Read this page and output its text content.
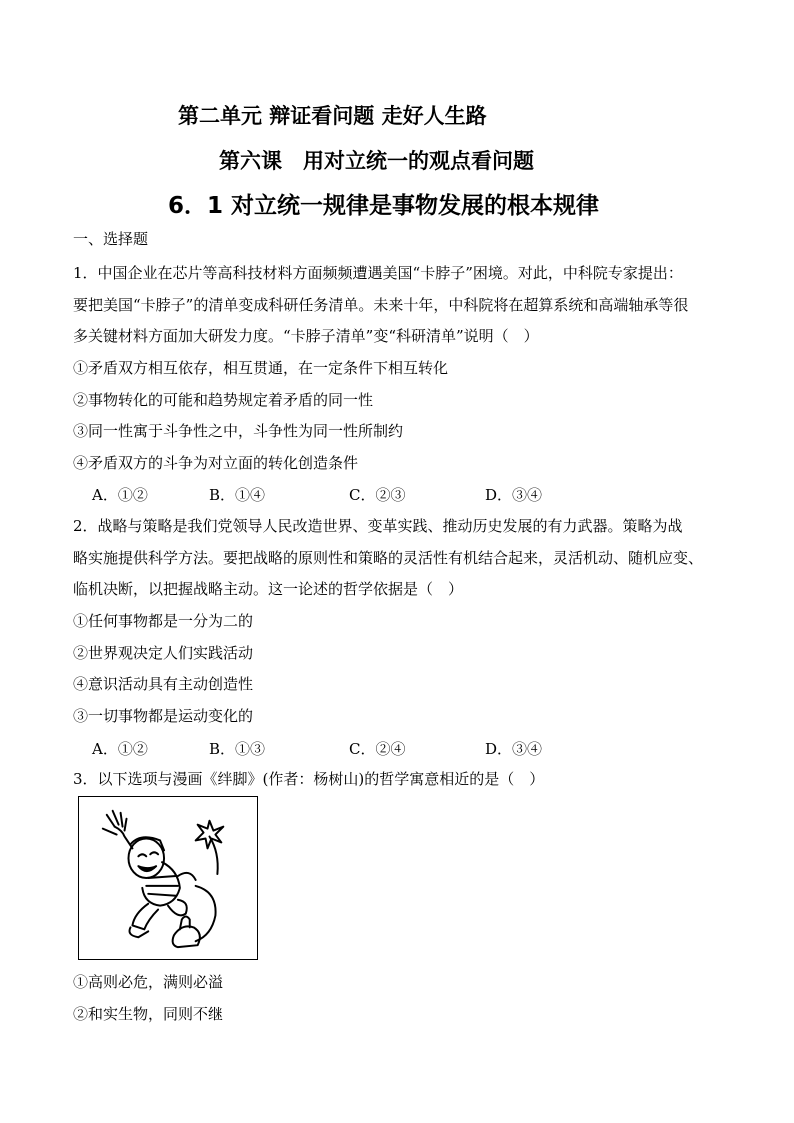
第二单元 辩证看问题 走好人生路
第六课　用对立统一的观点看问题
6．1 对立统一规律是事物发展的根本规律
一、选择题
1．中国企业在芯片等高科技材料方面频频遭遇美国“卡脖子”困境。对此，中科院专家提出：
要把美国“卡脖子”的清单变成科研任务清单。未来十年，中科院将在超算系统和高端轴承等很
多关键材料方面加大研发力度。“卡脖子清单”变“科研清单”说明（　）
①矛盾双方相互依存，相互贯通，在一定条件下相互转化
②事物转化的可能和趋势规定着矛盾的同一性
③同一性寓于斗争性之中，斗争性为同一性所制约
④矛盾双方的斗争为对立面的转化创造条件
A．①②	B．①④	C．②③	D．③④
2．战略与策略是我们党领导人民改造世界、变革实践、推动历史发展的有力武器。策略为战
略实施提供科学方法。要把战略的原则性和策略的灵活性有机结合起来，灵活机动、随机应变、
临机决断，以把握战略主动。这一论述的哲学依据是（　）
①任何事物都是一分为二的
②世界观决定人们实践活动
④意识活动具有主动创造性
③一切事物都是运动变化的
A．①②	B．①③	C．②④	D．③④
3．以下选项与漫画《绊脚》(作者：杨树山)的哲学寓意相近的是（　）
①高则必危，满则必溢
②和实生物，同则不继
